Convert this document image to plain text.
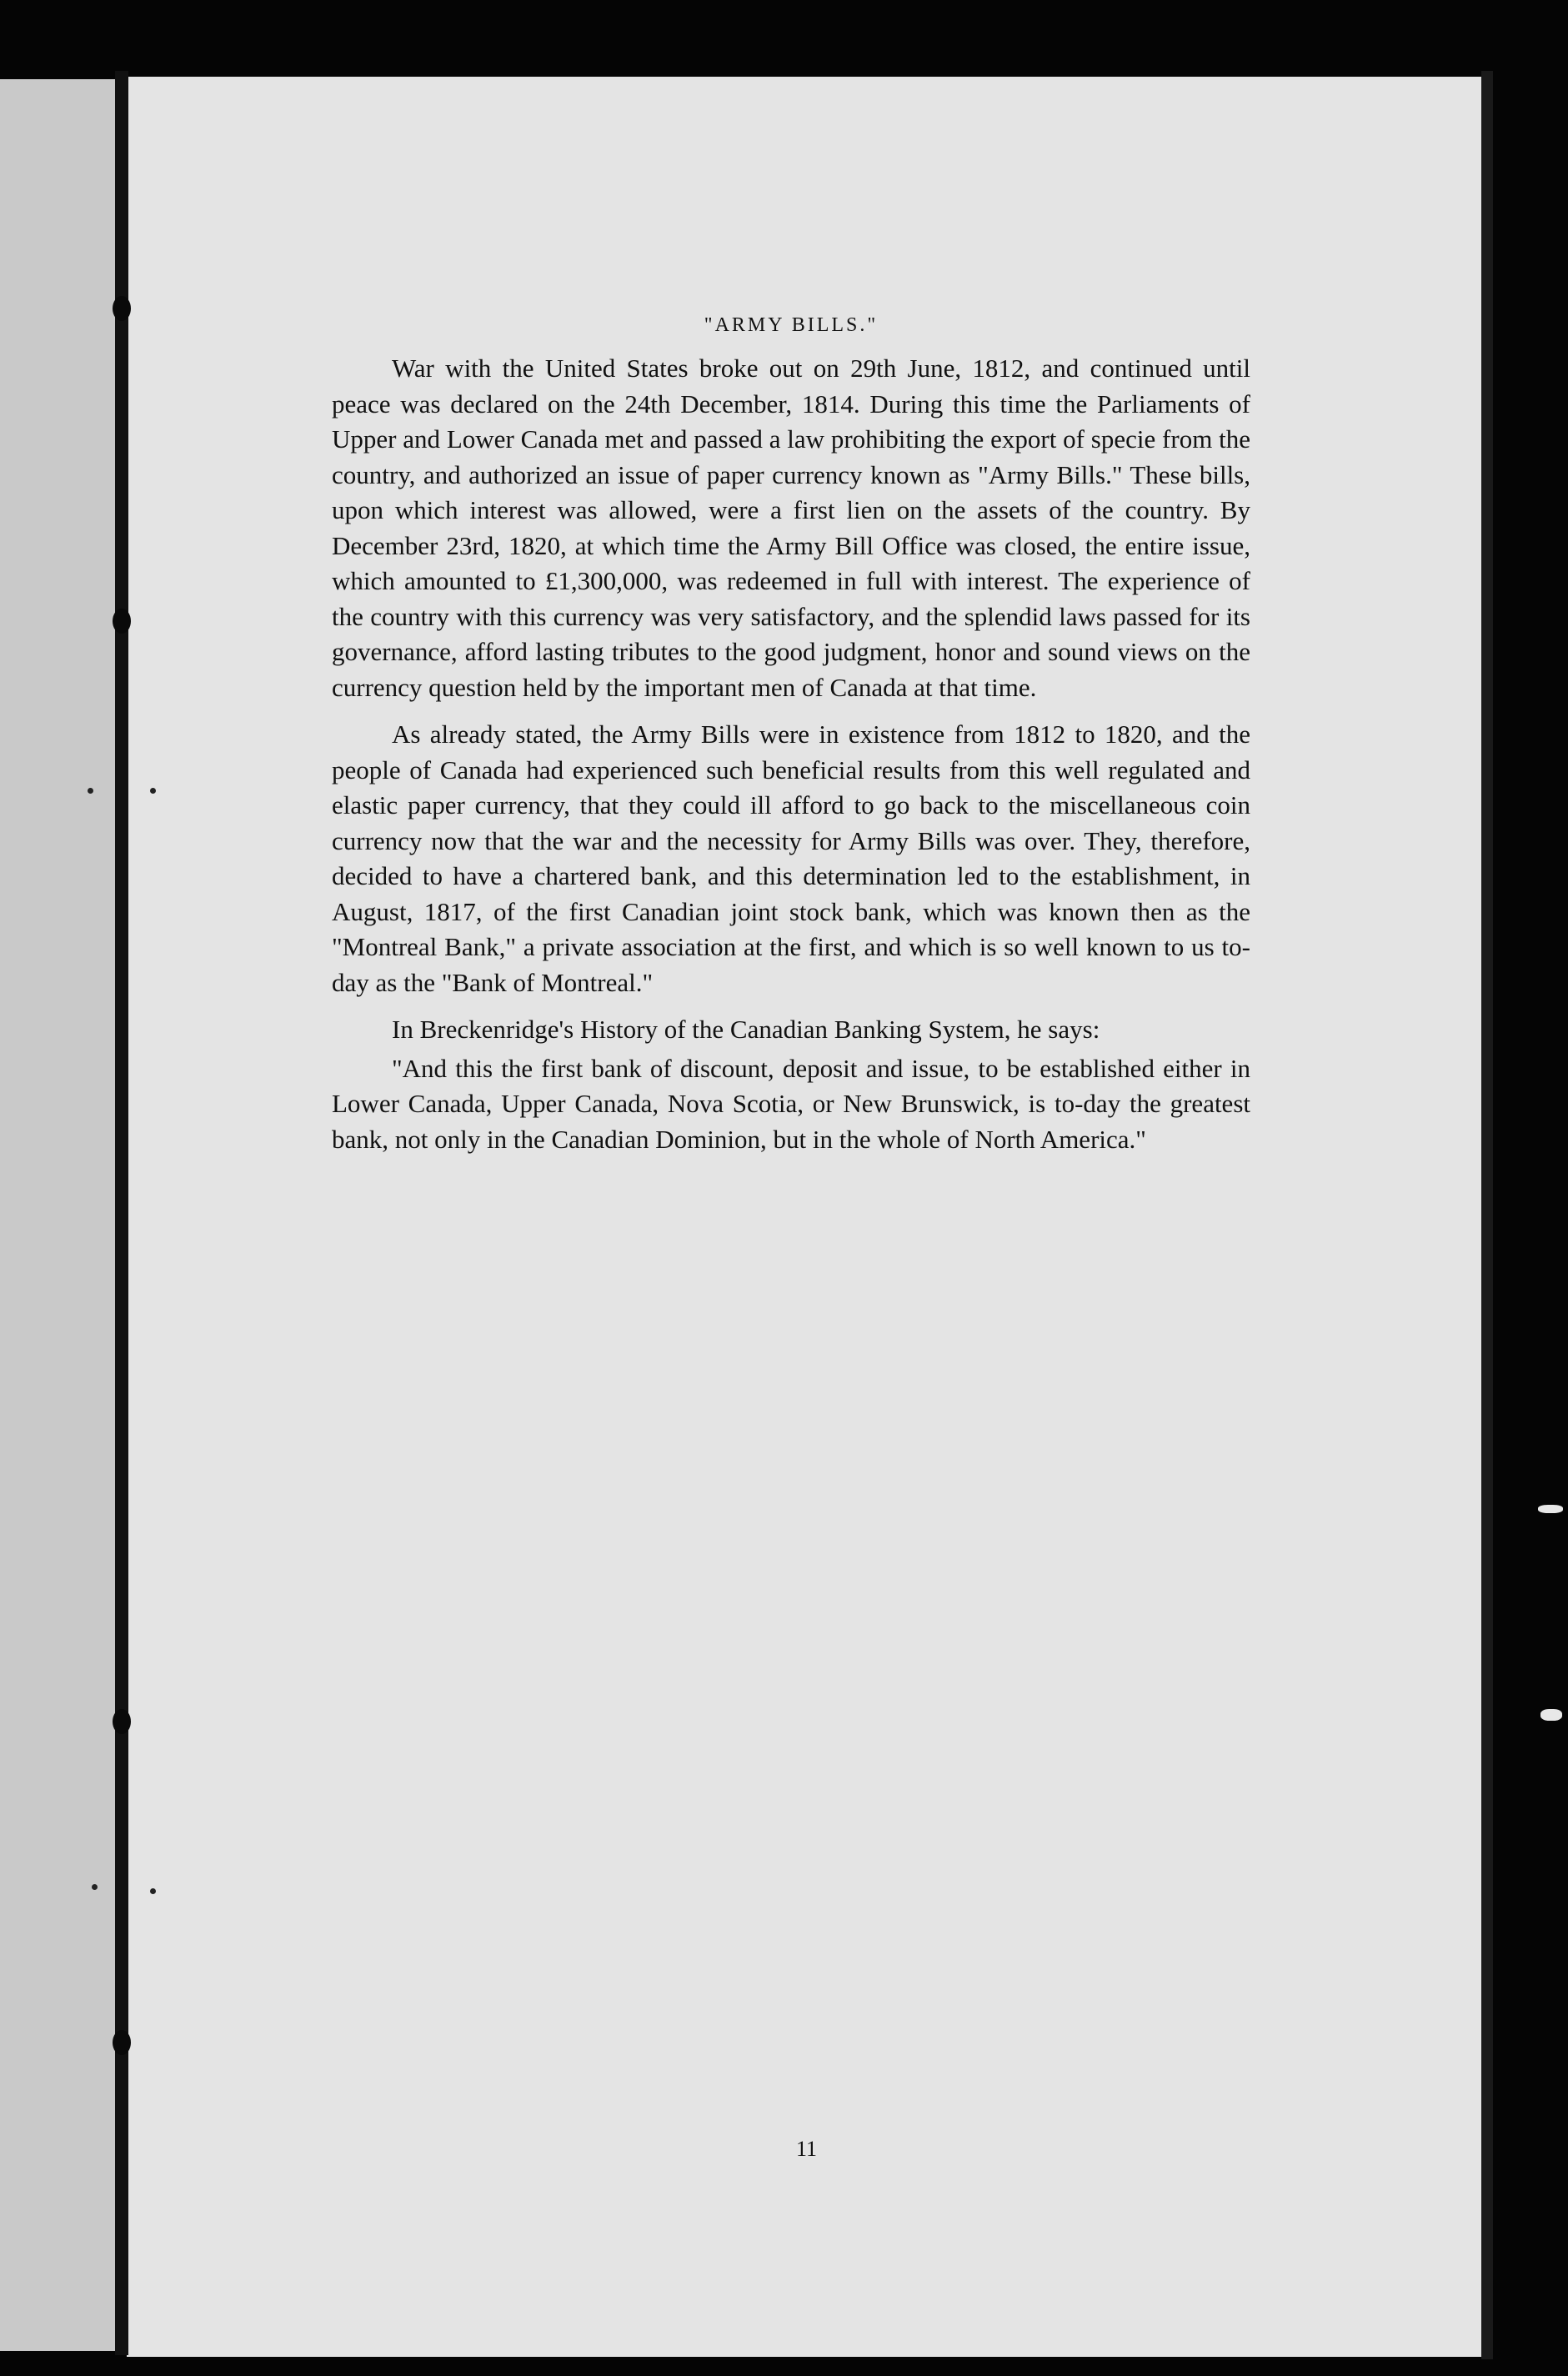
"ARMY BILLS."

War with the United States broke out on 29th June, 1812, and continued until peace was declared on the 24th December, 1814. During this time the Parliaments of Upper and Lower Canada met and passed a law prohibiting the export of specie from the country, and authorized an issue of paper currency known as "Army Bills." These bills, upon which interest was allowed, were a first lien on the assets of the country. By December 23rd, 1820, at which time the Army Bill Office was closed, the entire issue, which amounted to £1,300,000, was redeemed in full with interest. The experience of the country with this currency was very satisfactory, and the splendid laws passed for its governance, afford lasting tributes to the good judgment, honor and sound views on the currency question held by the important men of Canada at that time.

As already stated, the Army Bills were in existence from 1812 to 1820, and the people of Canada had experienced such beneficial results from this well regulated and elastic paper currency, that they could ill afford to go back to the miscellaneous coin currency now that the war and the necessity for Army Bills was over. They, therefore, decided to have a chartered bank, and this determination led to the establishment, in August, 1817, of the first Canadian joint stock bank, which was known then as the "Montreal Bank," a private association at the first, and which is so well known to us to-day as the "Bank of Montreal."

In Breckenridge's History of the Canadian Banking System, he says:

"And this the first bank of discount, deposit and issue, to be established either in Lower Canada, Upper Canada, Nova Scotia, or New Brunswick, is to-day the greatest bank, not only in the Canadian Dominion, but in the whole of North America."

11
